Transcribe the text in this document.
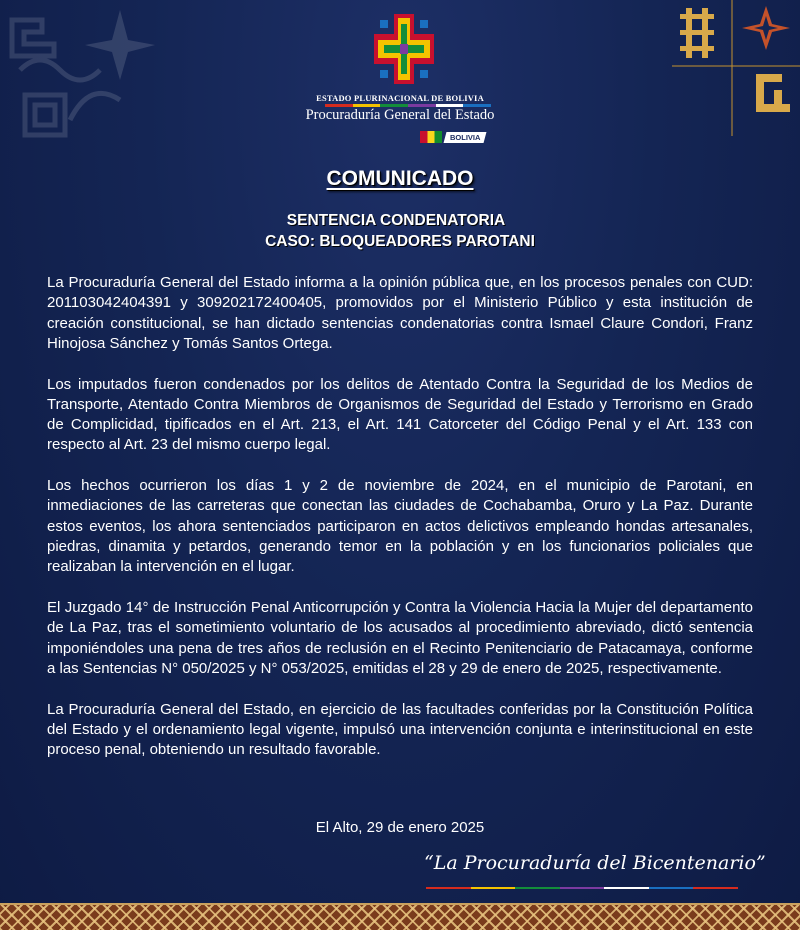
ESTADO PLURINACIONAL DE BOLIVIA
Procuraduría General del Estado
BOLIVIA
COMUNICADO
SENTENCIA CONDENATORIA
CASO: BLOQUEADORES PAROTANI

La Procuraduría General del Estado informa a la opinión pública que, en los procesos penales con CUD: 201103042404391 y 309202172400405, promovidos por el Ministerio Público y esta institución de creación constitucional, se han dictado sentencias condenatorias contra Ismael Claure Condori, Franz Hinojosa Sánchez y Tomás Santos Ortega.

Los imputados fueron condenados por los delitos de Atentado Contra la Seguridad de los Medios de Transporte, Atentado Contra Miembros de Organismos de Seguridad del Estado y Terrorismo en Grado de Complicidad, tipificados en el Art. 213, el Art. 141 Catorceter del Código Penal y el Art. 133 con respecto al Art. 23 del mismo cuerpo legal.

Los hechos ocurrieron los días 1 y 2 de noviembre de 2024, en el municipio de Parotani, en inmediaciones de las carreteras que conectan las ciudades de Cochabamba, Oruro y La Paz. Durante estos eventos, los ahora sentenciados participaron en actos delictivos empleando hondas artesanales, piedras, dinamita y petardos, generando temor en la población y en los funcionarios policiales que realizaban la intervención en el lugar.

El Juzgado 14° de Instrucción Penal Anticorrupción y Contra la Violencia Hacia la Mujer del departamento de La Paz, tras el sometimiento voluntario de los acusados al procedimiento abreviado, dictó sentencia imponiéndoles una pena de tres años de reclusión en el Recinto Penitenciario de Patacamaya, conforme a las Sentencias N° 050/2025 y N° 053/2025, emitidas el 28 y 29 de enero de 2025, respectivamente.

La Procuraduría General del Estado, en ejercicio de las facultades conferidas por la Constitución Política del Estado y el ordenamiento legal vigente, impulsó una intervención conjunta e interinstitucional en este proceso penal, obteniendo un resultado favorable.

El Alto, 29 de enero 2025
“La Procuraduría del Bicentenario”
